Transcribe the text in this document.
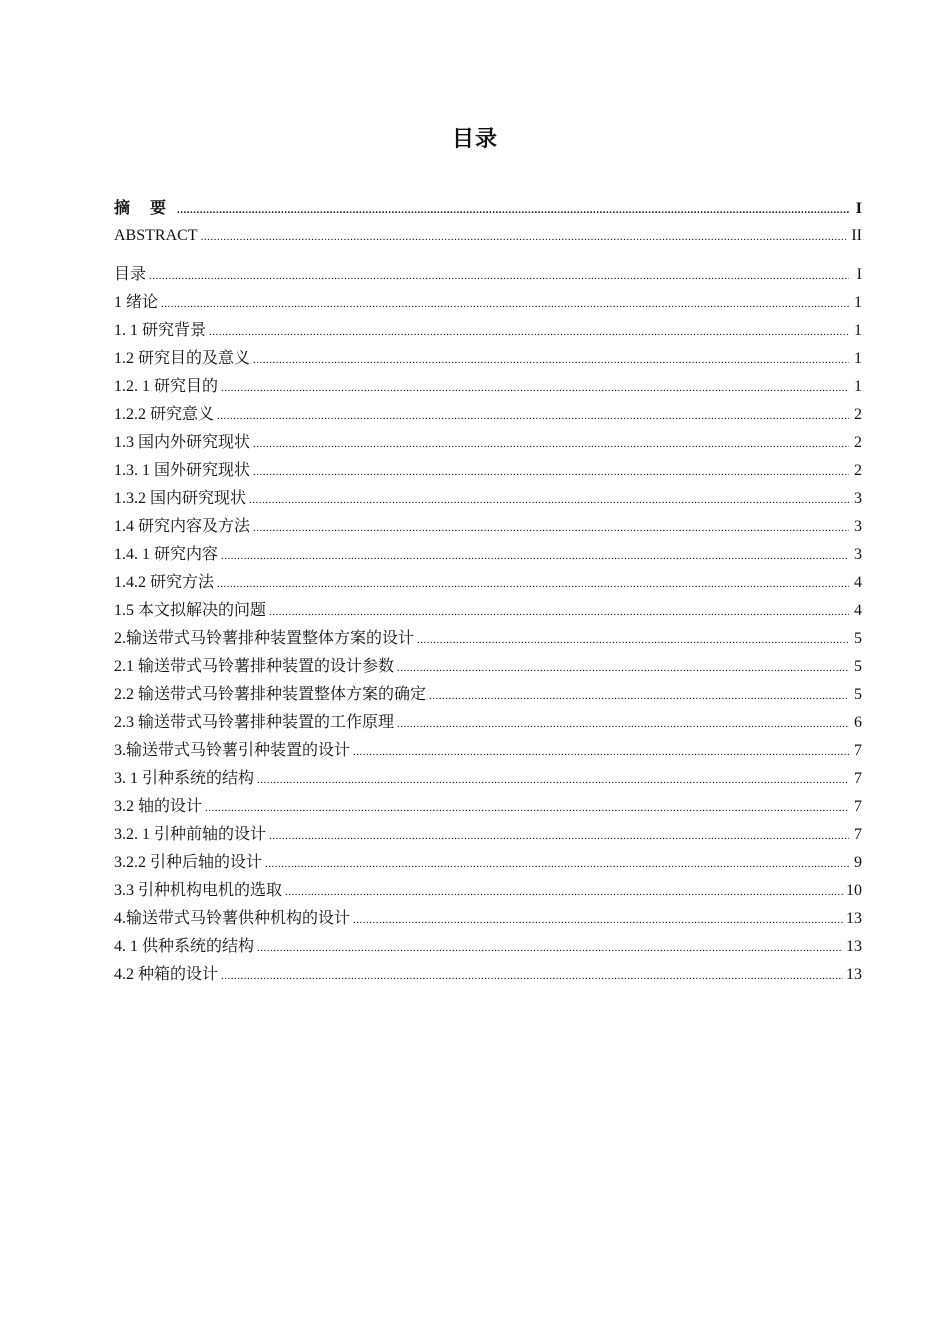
目录
摘 要 .....	I
ABSTRACT .....	II
目录 .....	I
1 绪论 .....	1
1. 1 研究背景 .....	1
1.2 研究目的及意义 .....	1
1.2. 1 研究目的 .....	1
1.2.2 研究意义 .....	2
1.3 国内外研究现状 .....	2
1.3. 1 国外研究现状 .....	2
1.3.2 国内研究现状 .....	3
1.4 研究内容及方法 .....	3
1.4. 1 研究内容 .....	3
1.4.2 研究方法 .....	4
1.5 本文拟解决的问题 .....	4
2.输送带式马铃薯排种装置整体方案的设计 .....	5
2.1 输送带式马铃薯排种装置的设计参数 .....	5
2.2 输送带式马铃薯排种装置整体方案的确定 .....	5
2.3 输送带式马铃薯排种装置的工作原理 .....	6
3.输送带式马铃薯引种装置的设计 .....	7
3. 1 引种系统的结构 .....	7
3.2 轴的设计 .....	7
3.2. 1 引种前轴的设计 .....	7
3.2.2 引种后轴的设计 .....	9
3.3 引种机构电机的选取 .....	10
4.输送带式马铃薯供种机构的设计 .....	13
4. 1 供种系统的结构 .....	13
4.2 种箱的设计 .....	13
